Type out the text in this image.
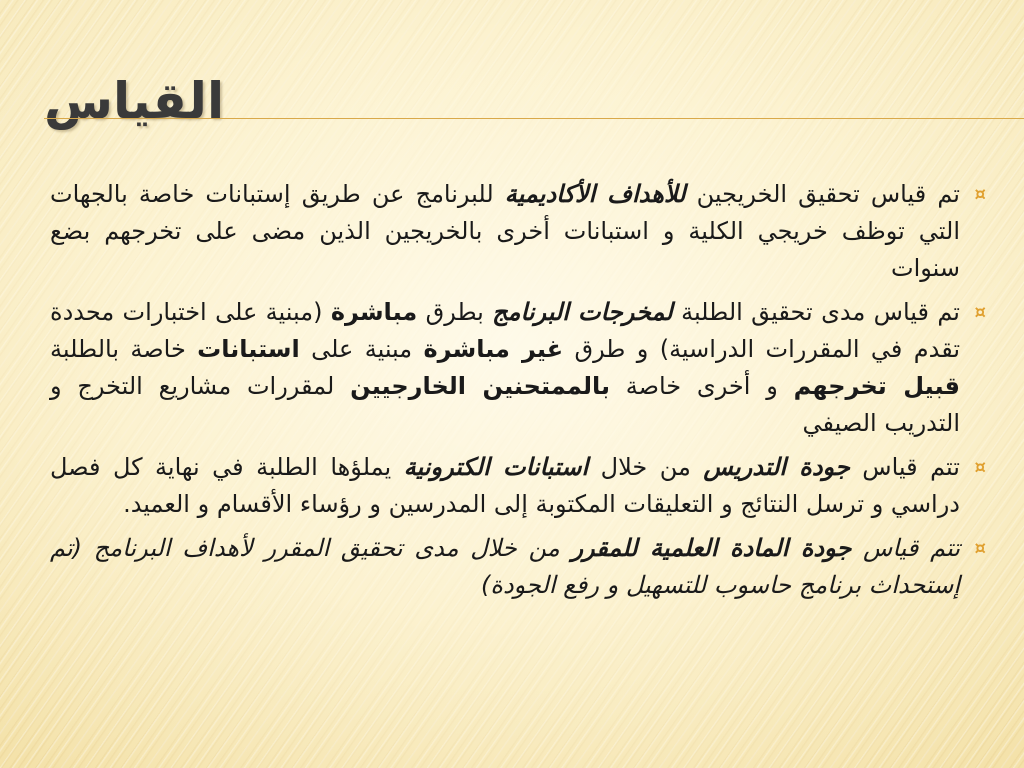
القياس
¤
تم قياس تحقيق الخريجين للأهداف الأكاديمية للبرنامج عن طريق إستبانات خاصة بالجهات التي توظف خريجي الكلية و استبانات أخرى بالخريجين الذين مضى على تخرجهم بضع سنوات
¤
تم قياس مدى تحقيق الطلبة لمخرجات البرنامج بطرق مباشرة (مبنية على اختبارات محددة تقدم في المقررات الدراسية) و طرق غير مباشرة مبنية على استبانات خاصة بالطلبة قبيل تخرجهم و أخرى خاصة بالممتحنين الخارجيين لمقررات مشاريع التخرج و التدريب الصيفي
¤
تتم قياس جودة التدريس من خلال استبانات الكترونية يملؤها الطلبة في نهاية كل فصل دراسي و ترسل النتائج و التعليقات المكتوبة إلى المدرسين و رؤساء الأقسام و العميد.
¤
تتم قياس جودة المادة العلمية للمقرر من خلال مدى تحقيق المقرر لأهداف البرنامج (تم إستحداث برنامج حاسوب للتسهيل و رفع الجودة)
